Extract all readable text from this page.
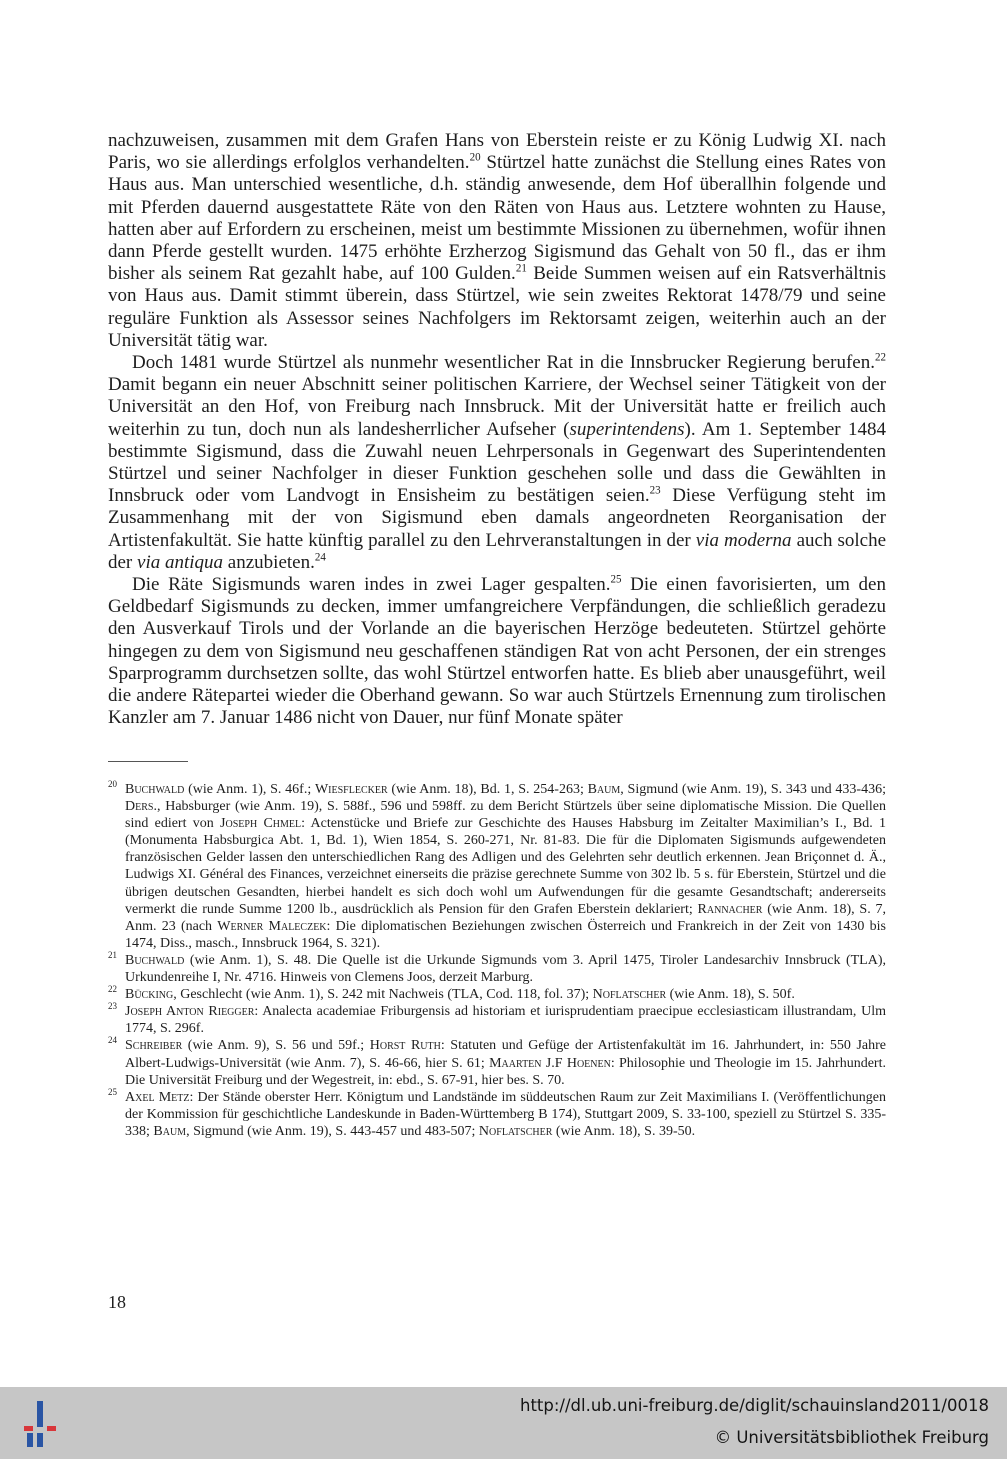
nachzuweisen, zusammen mit dem Grafen Hans von Eberstein reiste er zu König Ludwig XI. nach Paris, wo sie allerdings erfolglos verhandelten.$^{20}$ Stürtzel hatte zunächst die Stellung eines Rates von Haus aus. Man unterschied wesentliche, d.h. ständig anwesende, dem Hof überallhin folgende und mit Pferden dauernd ausgestattete Räte von den Räten von Haus aus. Letztere wohnten zu Hause, hatten aber auf Erfordern zu erscheinen, meist um bestimmte Missionen zu übernehmen, wofür ihnen dann Pferde gestellt wurden. 1475 erhöhte Erzherzog Sigismund das Gehalt von 50 fl., das er ihm bisher als seinem Rat gezahlt habe, auf 100 Gulden.$^{21}$ Beide Summen weisen auf ein Ratsverhältnis von Haus aus. Damit stimmt überein, dass Stürtzel, wie sein zweites Rektorat 1478/79 und seine reguläre Funktion als Assessor seines Nachfolgers im Rektorsamt zeigen, weiterhin auch an der Universität tätig war.

Doch 1481 wurde Stürtzel als nunmehr wesentlicher Rat in die Innsbrucker Regierung berufen.$^{22}$ Damit begann ein neuer Abschnitt seiner politischen Karriere, der Wechsel seiner Tätigkeit von der Universität an den Hof, von Freiburg nach Innsbruck. Mit der Universität hatte er freilich auch weiterhin zu tun, doch nun als landesherrlicher Aufseher (superintendens). Am 1. September 1484 bestimmte Sigismund, dass die Zuwahl neuen Lehrpersonals in Gegenwart des Superintendenten Stürtzel und seiner Nachfolger in dieser Funktion geschehen solle und dass die Gewählten in Innsbruck oder vom Landvogt in Ensisheim zu bestätigen seien.$^{23}$ Diese Verfügung steht im Zusammenhang mit der von Sigismund eben damals angeordneten Reorganisation der Artistenfakultät. Sie hatte künftig parallel zu den Lehrveranstaltungen in der via moderna auch solche der via antiqua anzubieten.$^{24}$

Die Räte Sigismunds waren indes in zwei Lager gespalten.$^{25}$ Die einen favorisierten, um den Geldbedarf Sigismunds zu decken, immer umfangreichere Verpfändungen, die schließlich geradezu den Ausverkauf Tirols und der Vorlande an die bayerischen Herzöge bedeuteten. Stürtzel gehörte hingegen zu dem von Sigismund neu geschaffenen ständigen Rat von acht Personen, der ein strenges Sparprogramm durchsetzen sollte, das wohl Stürtzel entworfen hatte. Es blieb aber unausgeführt, weil die andere Rätepartei wieder die Oberhand gewann. So war auch Stürtzels Ernennung zum tirolischen Kanzler am 7. Januar 1486 nicht von Dauer, nur fünf Monate später

20 Buchwald (wie Anm. 1), S. 46f.; Wiesflecker (wie Anm. 18), Bd. 1, S. 254-263; Baum, Sigmund (wie Anm. 19), S. 343 und 433-436; Ders., Habsburger (wie Anm. 19), S. 588f., 596 und 598ff. zu dem Bericht Stürtzels über seine diplomatische Mission. Die Quellen sind ediert von Joseph Chmel: Actenstücke und Briefe zur Geschichte des Hauses Habsburg im Zeitalter Maximilian’s I., Bd. 1 (Monumenta Habsburgica Abt. 1, Bd. 1), Wien 1854, S. 260-271, Nr. 81-83. Die für die Diplomaten Sigismunds aufgewendeten französischen Gelder lassen den unterschiedlichen Rang des Adligen und des Gelehrten sehr deutlich erkennen. Jean Briçonnet d. Ä., Ludwigs XI. Général des Finances, verzeichnet einerseits die präzise gerechnete Summe von 302 lb. 5 s. für Eberstein, Stürtzel und die übrigen deutschen Gesandten, hierbei handelt es sich doch wohl um Aufwendungen für die gesamte Gesandtschaft; andererseits vermerkt die runde Summe 1200 lb., ausdrücklich als Pension für den Grafen Eberstein deklariert; Rannacher (wie Anm. 18), S. 7, Anm. 23 (nach Werner Maleczek: Die diplomatischen Beziehungen zwischen Österreich und Frankreich in der Zeit von 1430 bis 1474, Diss., masch., Innsbruck 1964, S. 321).
21 Buchwald (wie Anm. 1), S. 48. Die Quelle ist die Urkunde Sigmunds vom 3. April 1475, Tiroler Landesarchiv Innsbruck (TLA), Urkundenreihe I, Nr. 4716. Hinweis von Clemens Joos, derzeit Marburg.
22 Bücking, Geschlecht (wie Anm. 1), S. 242 mit Nachweis (TLA, Cod. 118, fol. 37); Noflatscher (wie Anm. 18), S. 50f.
23 Joseph Anton Riegger: Analecta academiae Friburgensis ad historiam et iurisprudentiam praecipue ecclesiasticam illustrandam, Ulm 1774, S. 296f.
24 Schreiber (wie Anm. 9), S. 56 und 59f.; Horst Ruth: Statuten und Gefüge der Artistenfakultät im 16. Jahrhundert, in: 550 Jahre Albert-Ludwigs-Universität (wie Anm. 7), S. 46-66, hier S. 61; Maarten J.F Hoenen: Philosophie und Theologie im 15. Jahrhundert. Die Universität Freiburg und der Wegestreit, in: ebd., S. 67-91, hier bes. S. 70.
25 Axel Metz: Der Stände oberster Herr. Königtum und Landstände im süddeutschen Raum zur Zeit Maximilians I. (Veröffentlichungen der Kommission für geschichtliche Landeskunde in Baden-Württemberg B 174), Stuttgart 2009, S. 33-100, speziell zu Stürtzel S. 335-338; Baum, Sigmund (wie Anm. 19), S. 443-457 und 483-507; Noflatscher (wie Anm. 18), S. 39-50.
18
http://dl.ub.uni-freiburg.de/diglit/schauinsland2011/0018
© Universitätsbibliothek Freiburg
